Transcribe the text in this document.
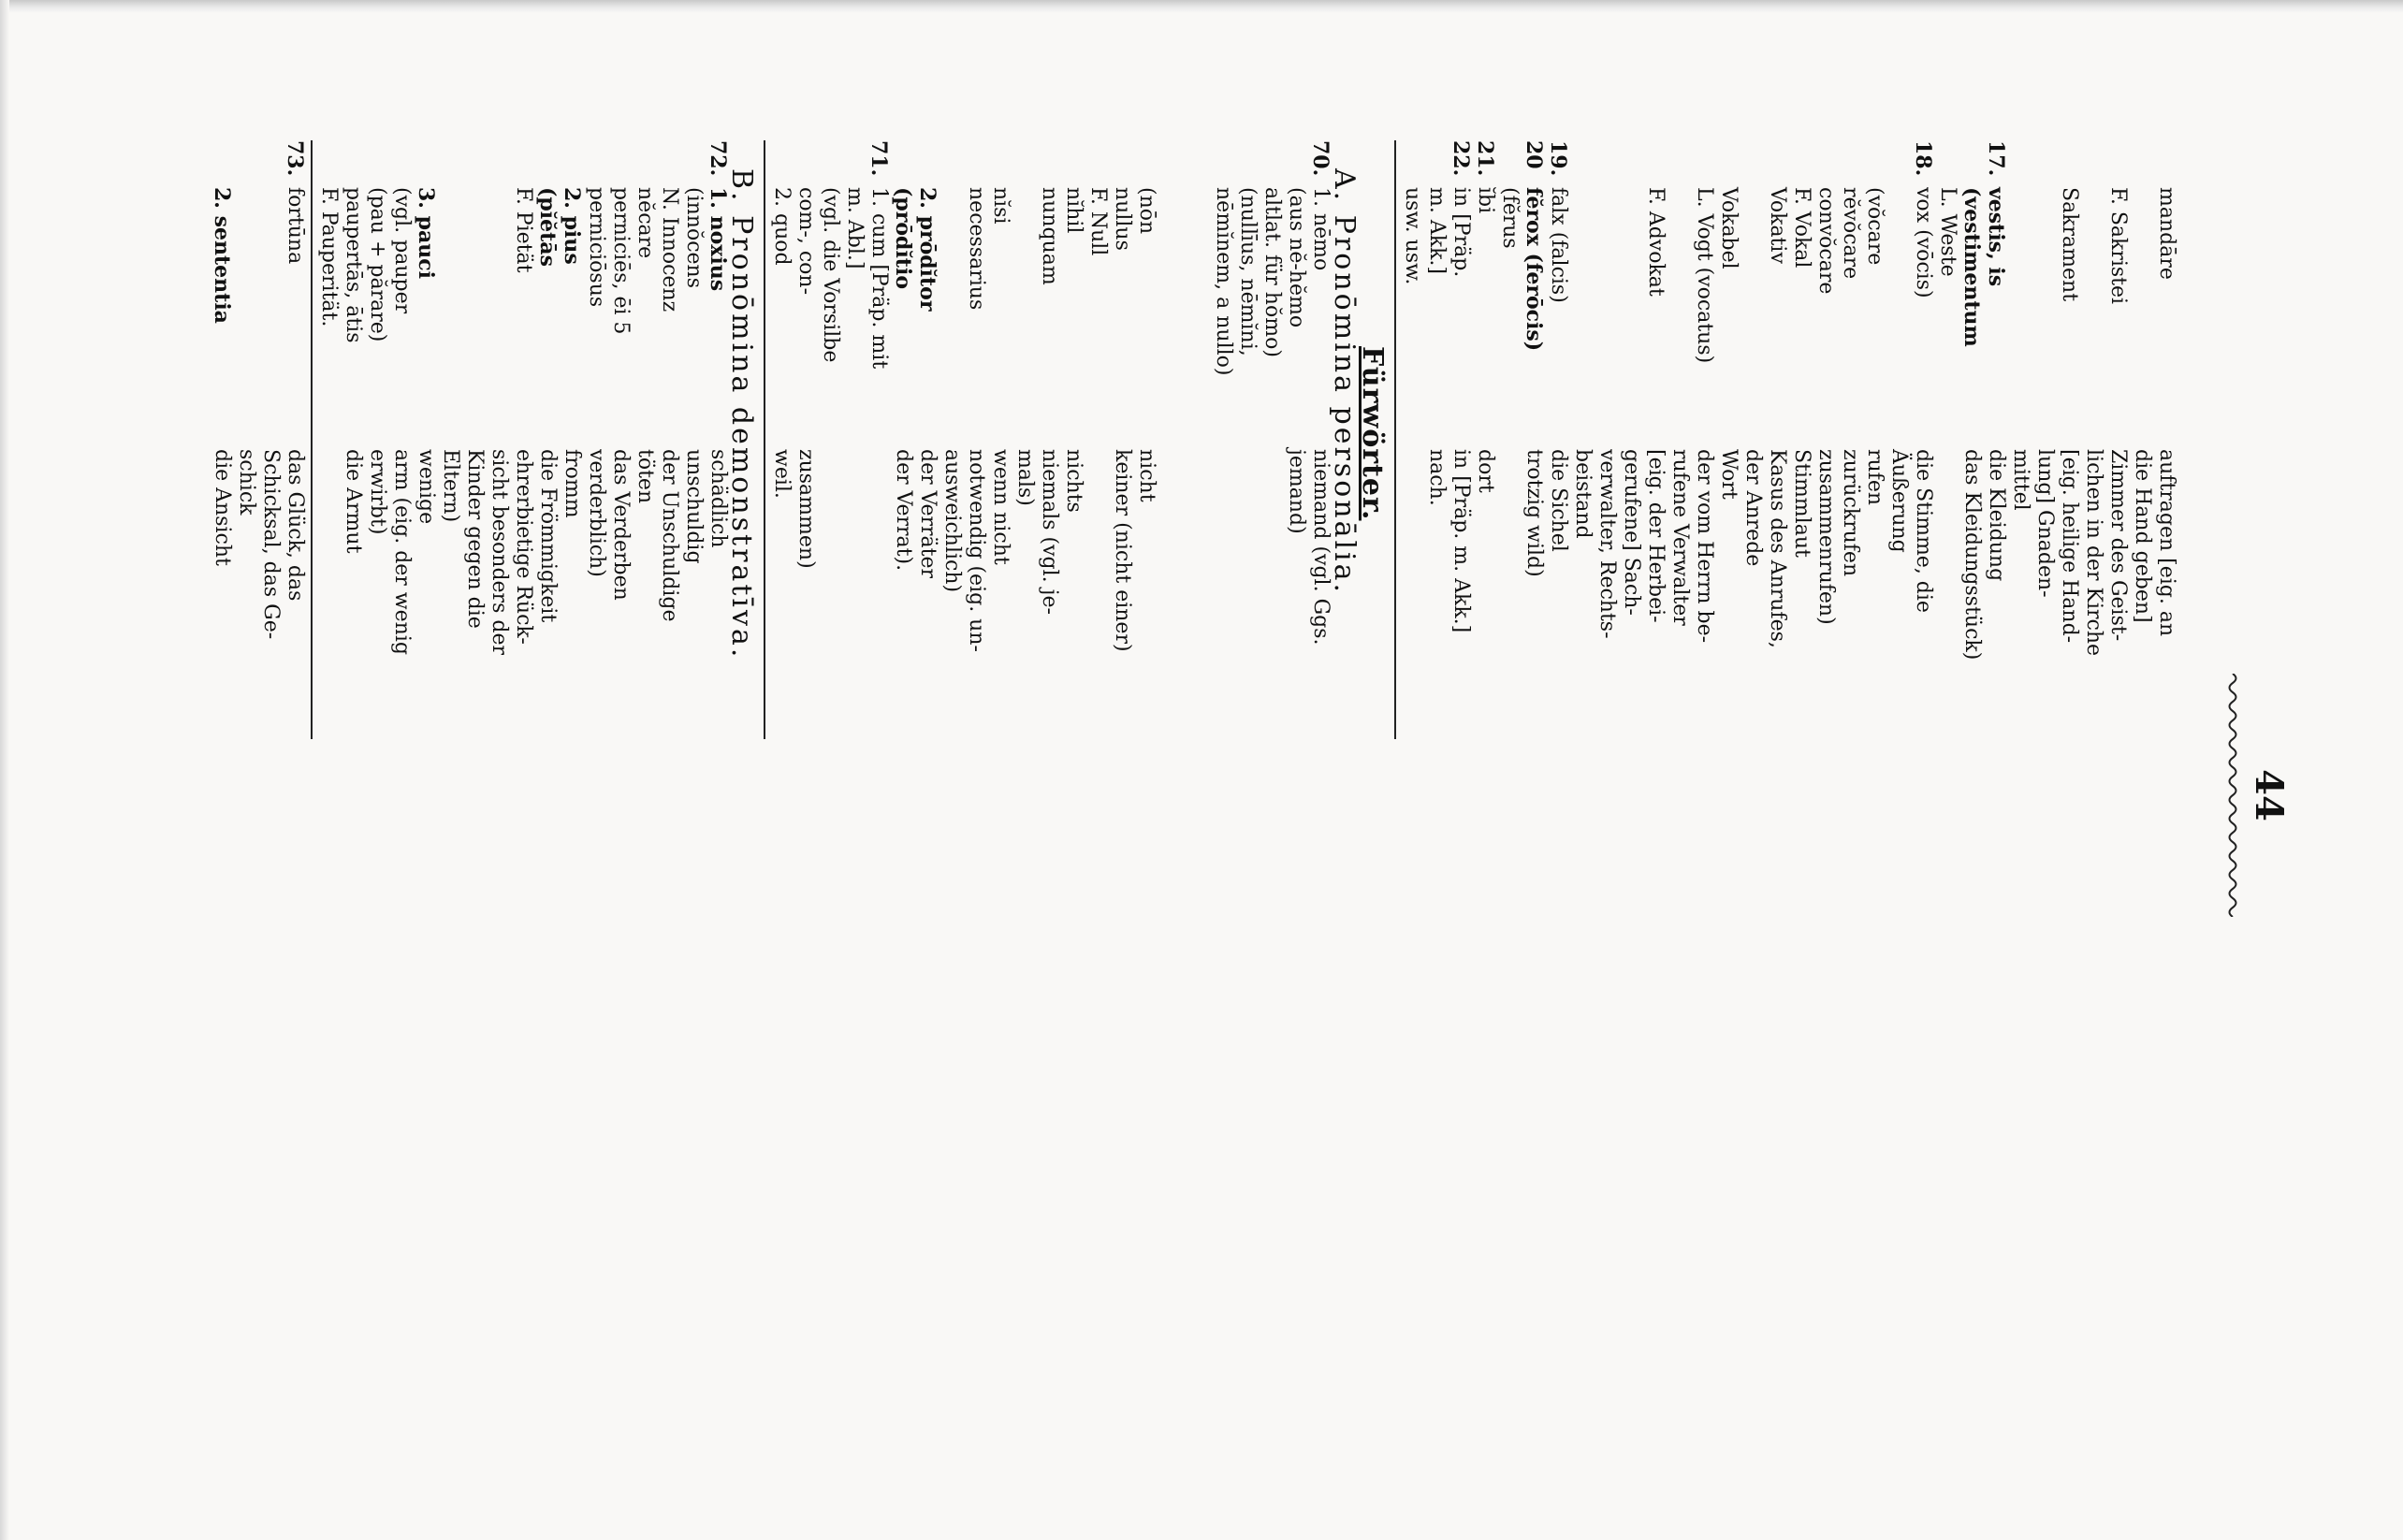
44
mandāre
auftragen [eig. an
die Hand geben]
F. Sakristei
Zimmer des Geist-
lichen in der Kirche
Sakrament
[eig. heilige Hand-
lung] Gnaden-
mittel
17.
vestis, is
die Kleidung
(vestimentum
das Kleidungsstück)
L. Weste
18.
vox (vōcis)
die Stimme, die
Äußerung
(vŏcare
rufen
rĕvŏcare
zurückrufen
convŏcare
zusammenrufen)
F. Vokal
Stimmlaut
Vokativ
Kasus des Anrufes,
der Anrede
Vokabel
Wort
L. Vogt (vocatus)
der vom Herrn be-
rufene Verwalter
F. Advokat
[eig. der Herbei-
gerufene] Sach-
verwalter, Rechts-
beistand
19.
falx (falcis)
die Sichel
20
fĕrox (ferōcis)
trotzig wild)
(fĕrus
21.
ĭbi
dort
22.
in [Präp.
in [Präp. m. Akk.]
m. Akk.]
nach.
usw. usw.
Fürwörter.
A. Pronōmina personālia.
70.
1. nēmo
niemand (vgl. Ggs.
(aus nĕ-hĕmo
jemand)
altlat. für hŏmo)
(nullīus, nēmĭni,
nēmĭnem, a nullo)
(nōn
nicht
nullus
keiner (nicht einer)
F. Null
nĭhil
nichts
nunquam
niemals (vgl. je-
mals)
nĭsi
wenn nicht
necessarius
notwendig (eig. un-
ausweichlich)
2. prōdĭtor
der Verräter
(prōdĭtio
der Verrat).
71.
1. cum [Präp. mit
m. Abl.]
(vgl. die Vorsilbe
com-, con-
zusammen)
2. quod
weil.
B. Pronōmina demonstratīva.
72.
1. noxius
schädlich
(innŏcens
unschuldig
N. Innocenz
der Unschuldige
nĕcare
töten
perniciēs, ēi 5
das Verderben
perniciōsus
verderblich)
2. pius
fromm
(pĭĕtās
die Frömmigkeit
F. Pietät
ehrerbietige Rück-
sicht besonders der
Kinder gegen die
Eltern)
3. pauci
wenige
(vgl. pauper
arm (eig. der wenig
(pau + părare)
erwirbt)
paupertās, ātis
die Armut
F. Pauperität.
73.
fortūna
das Glück, das
Schicksal, das Ge-
schick
2. sententia
die Ansicht
